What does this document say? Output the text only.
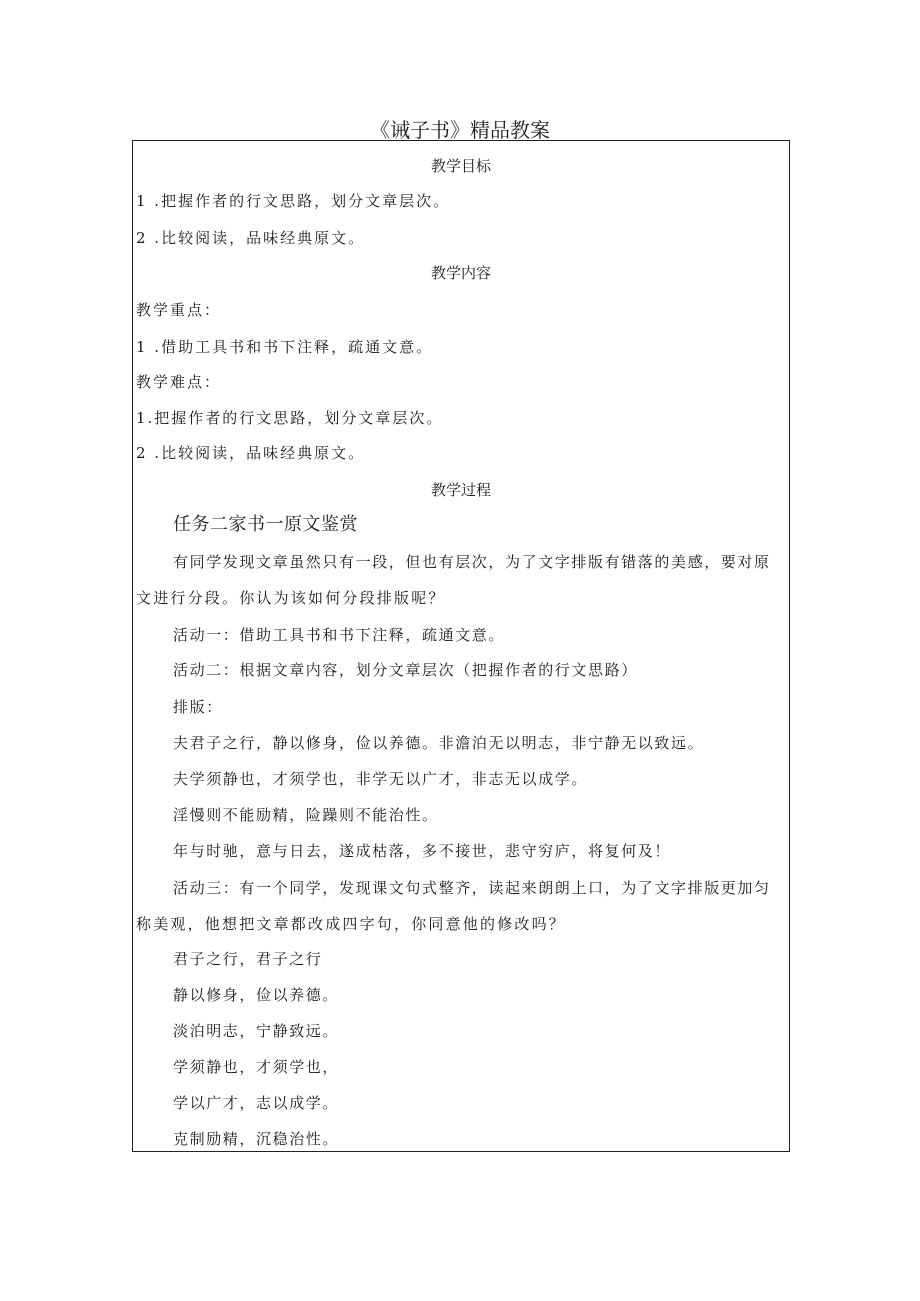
《诫子书》精品教案
教学目标
1 .把握作者的行文思路，划分文章层次。
2 .比较阅读，品味经典原文。
教学内容
教学重点：
1 .借助工具书和书下注释，疏通文意。
教学难点：
1.把握作者的行文思路，划分文章层次。
2 .比较阅读，品味经典原文。
教学过程
任务二家书一原文鉴赏
有同学发现文章虽然只有一段，但也有层次，为了文字排版有错落的美感，要对原
文进行分段。你认为该如何分段排版呢？
活动一：借助工具书和书下注释，疏通文意。
活动二：根据文章内容，划分文章层次（把握作者的行文思路）
排版：
夫君子之行，静以修身，俭以养德。非澹泊无以明志，非宁静无以致远。
夫学须静也，才须学也，非学无以广才，非志无以成学。
淫慢则不能励精，险躁则不能治性。
年与时驰，意与日去，遂成枯落，多不接世，悲守穷庐，将复何及！
活动三：有一个同学，发现课文句式整齐，读起来朗朗上口，为了文字排版更加匀
称美观，他想把文章都改成四字句，你同意他的修改吗？
君子之行，君子之行
静以修身，俭以养德。
淡泊明志，宁静致远。
学须静也，才须学也，
学以广才，志以成学。
克制励精，沉稳治性。
